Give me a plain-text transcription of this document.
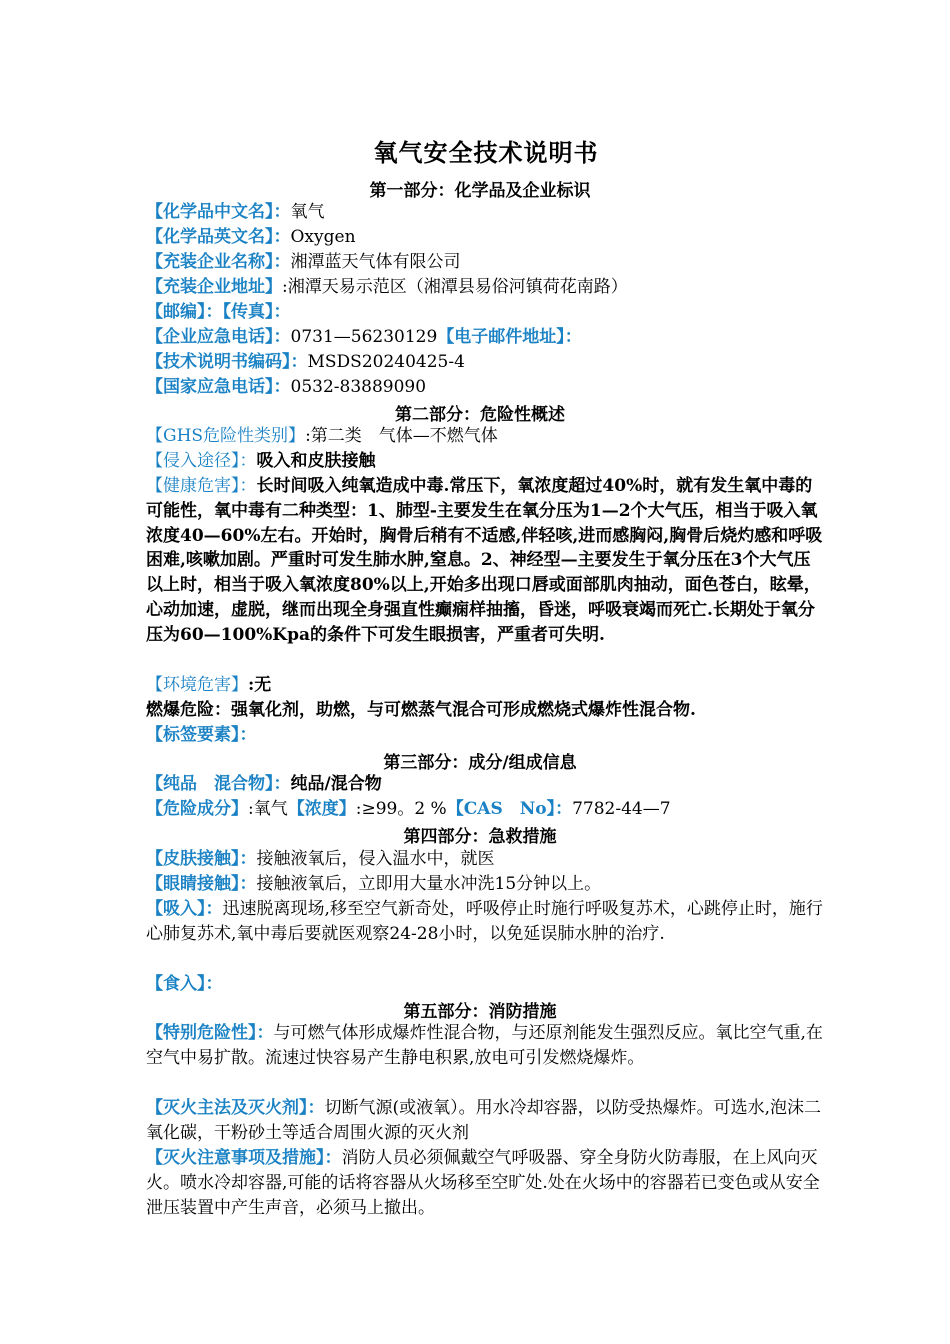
氧气安全技术说明书
第一部分：化学品及企业标识
【化学品中文名】：氧气
【化学品英文名】：Oxygen
【充装企业名称】：湘潭蓝天气体有限公司
【充装企业地址】:湘潭天易示范区（湘潭县易俗河镇荷花南路）
【邮编】：【传真】：
【企业应急电话】：0731—56230129【电子邮件地址】：
【技术说明书编码】：MSDS20240425-4
【国家应急电话】：0532-83889090
第二部分：危险性概述
【GHS危险性类别】:第二类　气体—不燃气体
【侵入途径】：吸入和皮肤接触
【健康危害】：长时间吸入纯氧造成中毒.常压下，氧浓度超过40%时，就有发生氧中毒的可能性，氧中毒有二种类型：1、肺型-主要发生在氧分压为1—2个大气压，相当于吸入氧浓度40—60%左右。开始时，胸骨后稍有不适感,伴轻咳,进而感胸闷,胸骨后烧灼感和呼吸困难,咳嗽加剧。严重时可发生肺水肿,窒息。2、神经型—主要发生于氧分压在3个大气压以上时，相当于吸入氧浓度80%以上,开始多出现口唇或面部肌肉抽动，面色苍白，眩晕，心动加速，虚脱，继而出现全身强直性癫痫样抽搐，昏迷，呼吸衰竭而死亡.长期处于氧分压为60—100%Kpa的条件下可发生眼损害，严重者可失明.
【环境危害】:无
燃爆危险：强氧化剂，助燃，与可燃蒸气混合可形成燃烧式爆炸性混合物.
【标签要素】：
第三部分：成分/组成信息
【纯品　混合物】：纯品/混合物
【危险成分】:氧气【浓度】:≥99。2 %【CAS　No】：7782-44—7
第四部分：急救措施
【皮肤接触】：接触液氧后，侵入温水中，就医
【眼睛接触】：接触液氧后，立即用大量水冲洗15分钟以上。
【吸入】：迅速脱离现场,移至空气新奇处，呼吸停止时施行呼吸复苏术，心跳停止时，施行心肺复苏术,氧中毒后要就医观察24-28小时，以免延误肺水肿的治疗.
【食入】：
第五部分：消防措施
【特别危险性】：与可燃气体形成爆炸性混合物，与还原剂能发生强烈反应。氧比空气重,在空气中易扩散。流速过快容易产生静电积累,放电可引发燃烧爆炸。
【灭火主法及灭火剂】：切断气源(或液氧）。用水冷却容器，以防受热爆炸。可选水,泡沫二氧化碳，干粉砂土等适合周围火源的灭火剂
【灭火注意事项及措施】：消防人员必须佩戴空气呼吸器、穿全身防火防毒服，在上风向灭火。喷水冷却容器,可能的话将容器从火场移至空旷处.处在火场中的容器若已变色或从安全泄压装置中产生声音，必须马上撤出。
